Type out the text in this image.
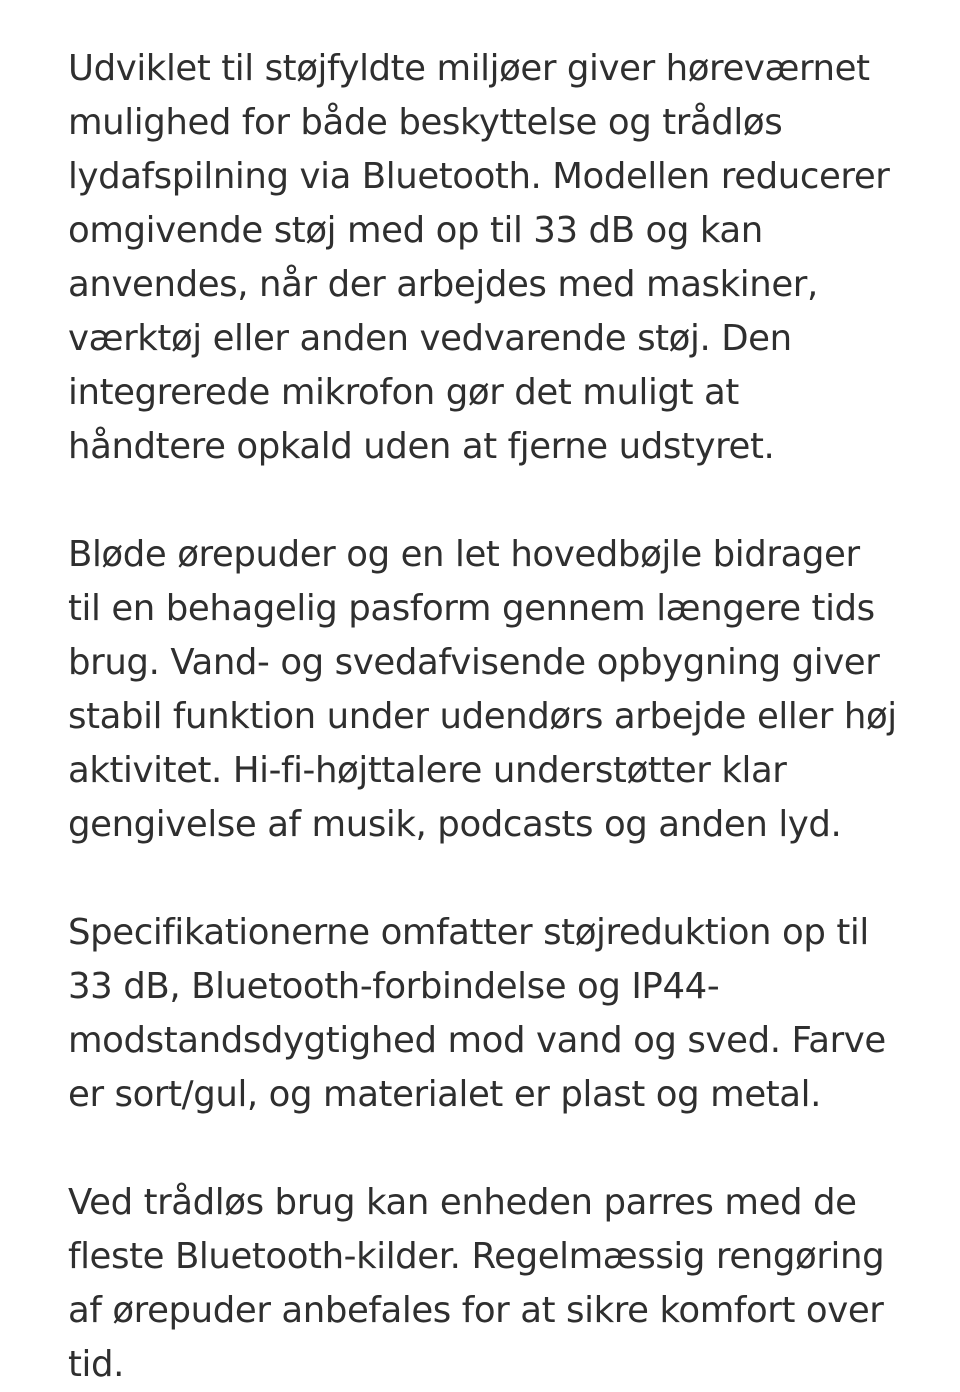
Udviklet til støjfyldte miljøer giver høreværnet mulighed for både beskyttelse og trådløs lydafspilning via Bluetooth. Modellen reducerer omgivende støj med op til 33 dB og kan anvendes, når der arbejdes med maskiner, værktøj eller anden vedvarende støj. Den integrerede mikrofon gør det muligt at håndtere opkald uden at fjerne udstyret.

Bløde ørepuder og en let hovedbøjle bidrager til en behagelig pasform gennem længere tids brug. Vand- og svedafvisende opbygning giver stabil funktion under udendørs arbejde eller høj aktivitet. Hi-fi-højttalere understøtter klar gengivelse af musik, podcasts og anden lyd.

Specifikationerne omfatter støjreduktion op til 33 dB, Bluetooth-forbindelse og IP44-modstandsdygtighed mod vand og sved. Farve er sort/gul, og materialet er plast og metal.

Ved trådløs brug kan enheden parres med de fleste Bluetooth-kilder. Regelmæssig rengøring af ørepuder anbefales for at sikre komfort over tid.
